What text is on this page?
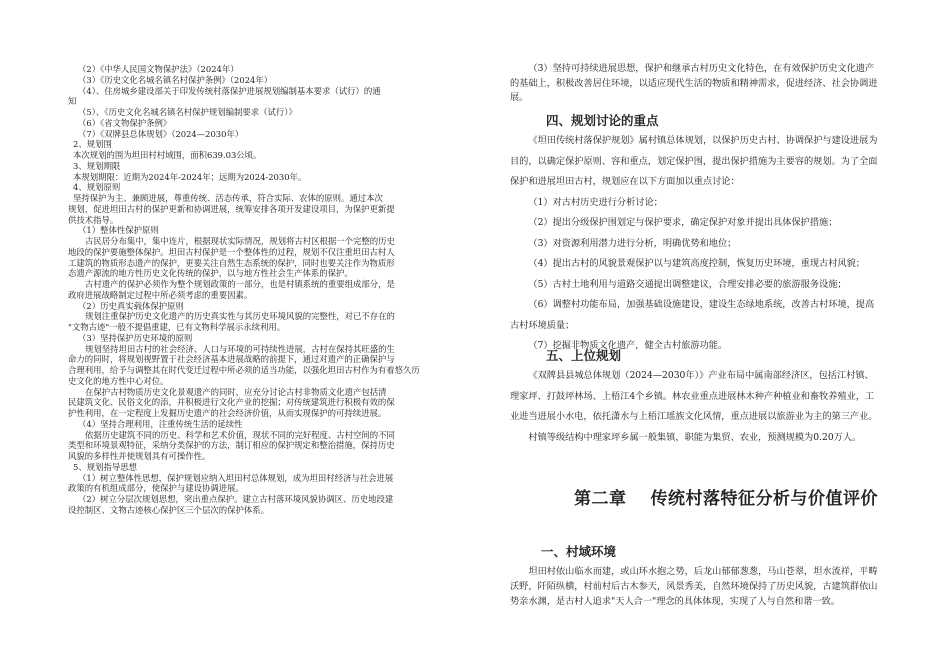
（2）《中华人民国文物保护法》（2024年）

（3）《历史文化名城名镇名村保护条例》（2024年）

（4）、住房城乡建设部关于印发传统村落保护进展规划编制基本要求（试行）的通

知

（5）、《历史文化名城名镇名村保护规划编制要求（试行）》

（6）《省文物保护条例》

（7）《双牌县总体规划》（2024—2030年）

2、规划围

本次规划的围为坦田村村域围，面积639.03公顷。

3、规划期限

本规划期限：近期为2024年-2024年；远期为2024-2030年。

4、规划原则

坚持保护为主、兼顾进展，尊重传统、活态传承，符合实际、农体的原则。通过本次

规划，促进坦田古村的保护更新和协调进展，统筹安排各项开发建设项目，为保护更新提

供技术指导。

（1）整体性保护原则

古民居分布集中，集中连片，根据现状实际情况，规划将古村区根据一个完整的历史

地段的保护要施整体保护。坦田古村保护是一个整体性的过程，规划不仅注重坦田古村人

工建筑的物质形态遗产的保护，更要关注自然生态系统的保护，同时也要关注作为物质形

态遗产源流的地方性历史文化传统的保护，以与地方性社会生产体系的保护。

古村遗产的保护必须作为整个规划政策的一部分，也是村镇系统的重要组成部分，是

政府进展战略制定过程中所必须考虑的重要因素。

（2）历史真实载体保护原则

规划注重保护历史文化遗产的历史真实性与其历史环境风貌的完整性，对已不存在的

"文物古迹"一般不提倡重建，已有文物科学展示永续利用。

（3）坚持保护历史环境的原则

规划坚持坦田古村的社会经济、人口与环境的可持续性进展，古村在保持其旺盛的生

命力的同时，将规划视野置于社会经济基本进展战略的前提下，通过对遗产的正确保护与

合理利用，给予与调整其在时代变迁过程中所必须的适当功能，以强化坦田古村作为有着悠久历

史文化的地方性中心对位。

在保护古村物质历史文化景观遗产的同时，应充分讨论古村非物质文化遗产包括清

民建筑文化、民俗文化的添，并积极进行文化产业的挖掘；对传统建筑进行积极有效的保

护性利用，在一定程度上发掘历史遗产的社会经济价值，从而实现保护的可持续进展。

（4）坚持合理利用，注重传统生活的延续性

依据历史建筑不同的历史、科学和艺术价值，现状不同的完好程度、古村空间的不同

类型和环境景观特征，采纳分类保护的方法，制订相应的保护规定和整治措施，保持历史

风貌的多样性并使规划具有可操作性。

5、规划指导思想

（1）树立整体性思想，保护规划应纳入坦田村总体规划，成为坦田村经济与社会进展

政策的有机组成部分，使保护与建设协调进展。

（2）树立分层次规划思想，突出重点保护。建立古村落环境风貌协调区、历史地段建

设控制区、文物古迹核心保护区三个层次的保护体系。

（3）坚持可持续进展思想，保护和继承古村历史文化特色，在有效保护历史文化遗产的基础上，积极改善居住环境，以适应现代生活的物质和精神需求，促进经济、社会协调进展。

四、规划讨论的重点

《坦田传统村落保护规划》属村镇总体规划，以保护历史古村、协调保护与建设进展为目的，以确定保护原则、容和重点，划定保护围，提出保护措施为主要容的规划。为了全面保护和进展坦田古村，规划应在以下方面加以重点讨论：

（1）对古村历史进行分析讨论；

（2）提出分级保护围划定与保护要求，确定保护对象并提出具体保护措施；

（3）对资源利用潜力进行分析，明确优势和地位；

（4）提出古村的风貌景观保护以与建筑高度控制，恢复历史环境，重现古村风貌；

（5）古村土地利用与道路交通提出调整建议，合理安排必要的旅游服务设施；

（6）调整村功能布局，加强基础设施建设，建设生态绿地系统，改善古村环境，提高古村环境质量；

（7）挖掘非物质文化遗产，健全古村旅游功能。

五、上位规划

《双牌县县城总体规划（2024—2030年）》产业布局中属南部经济区，包括江村镇、理家坪、打鼓坪林场、上梧江4个乡镇。林农业重点进展林木种产种植业和畜牧养殖业，工业进当进展小水电，依托潇水与上梧江瑶族文化风情，重点进展以旅游业为主的第三产业。

村镇等级结构中理家坪乡属一般集镇，职能为集贸、农业，预测规模为0.20万人。

第二章 传统村落特征分析与价值评价
一、村域环境

坦田村依山临水而建，或山环水抱之势，后龙山郁郁葱葱，马山苍翠，坦水流祥，平畴沃野，阡陌纵横，村前村后古木参天，风景秀美，自然环境保持了历史风貌，古建筑群依山势亲水渊，是古村人追求"天人合一"理念的具体体现，实现了人与自然和谐一致。
